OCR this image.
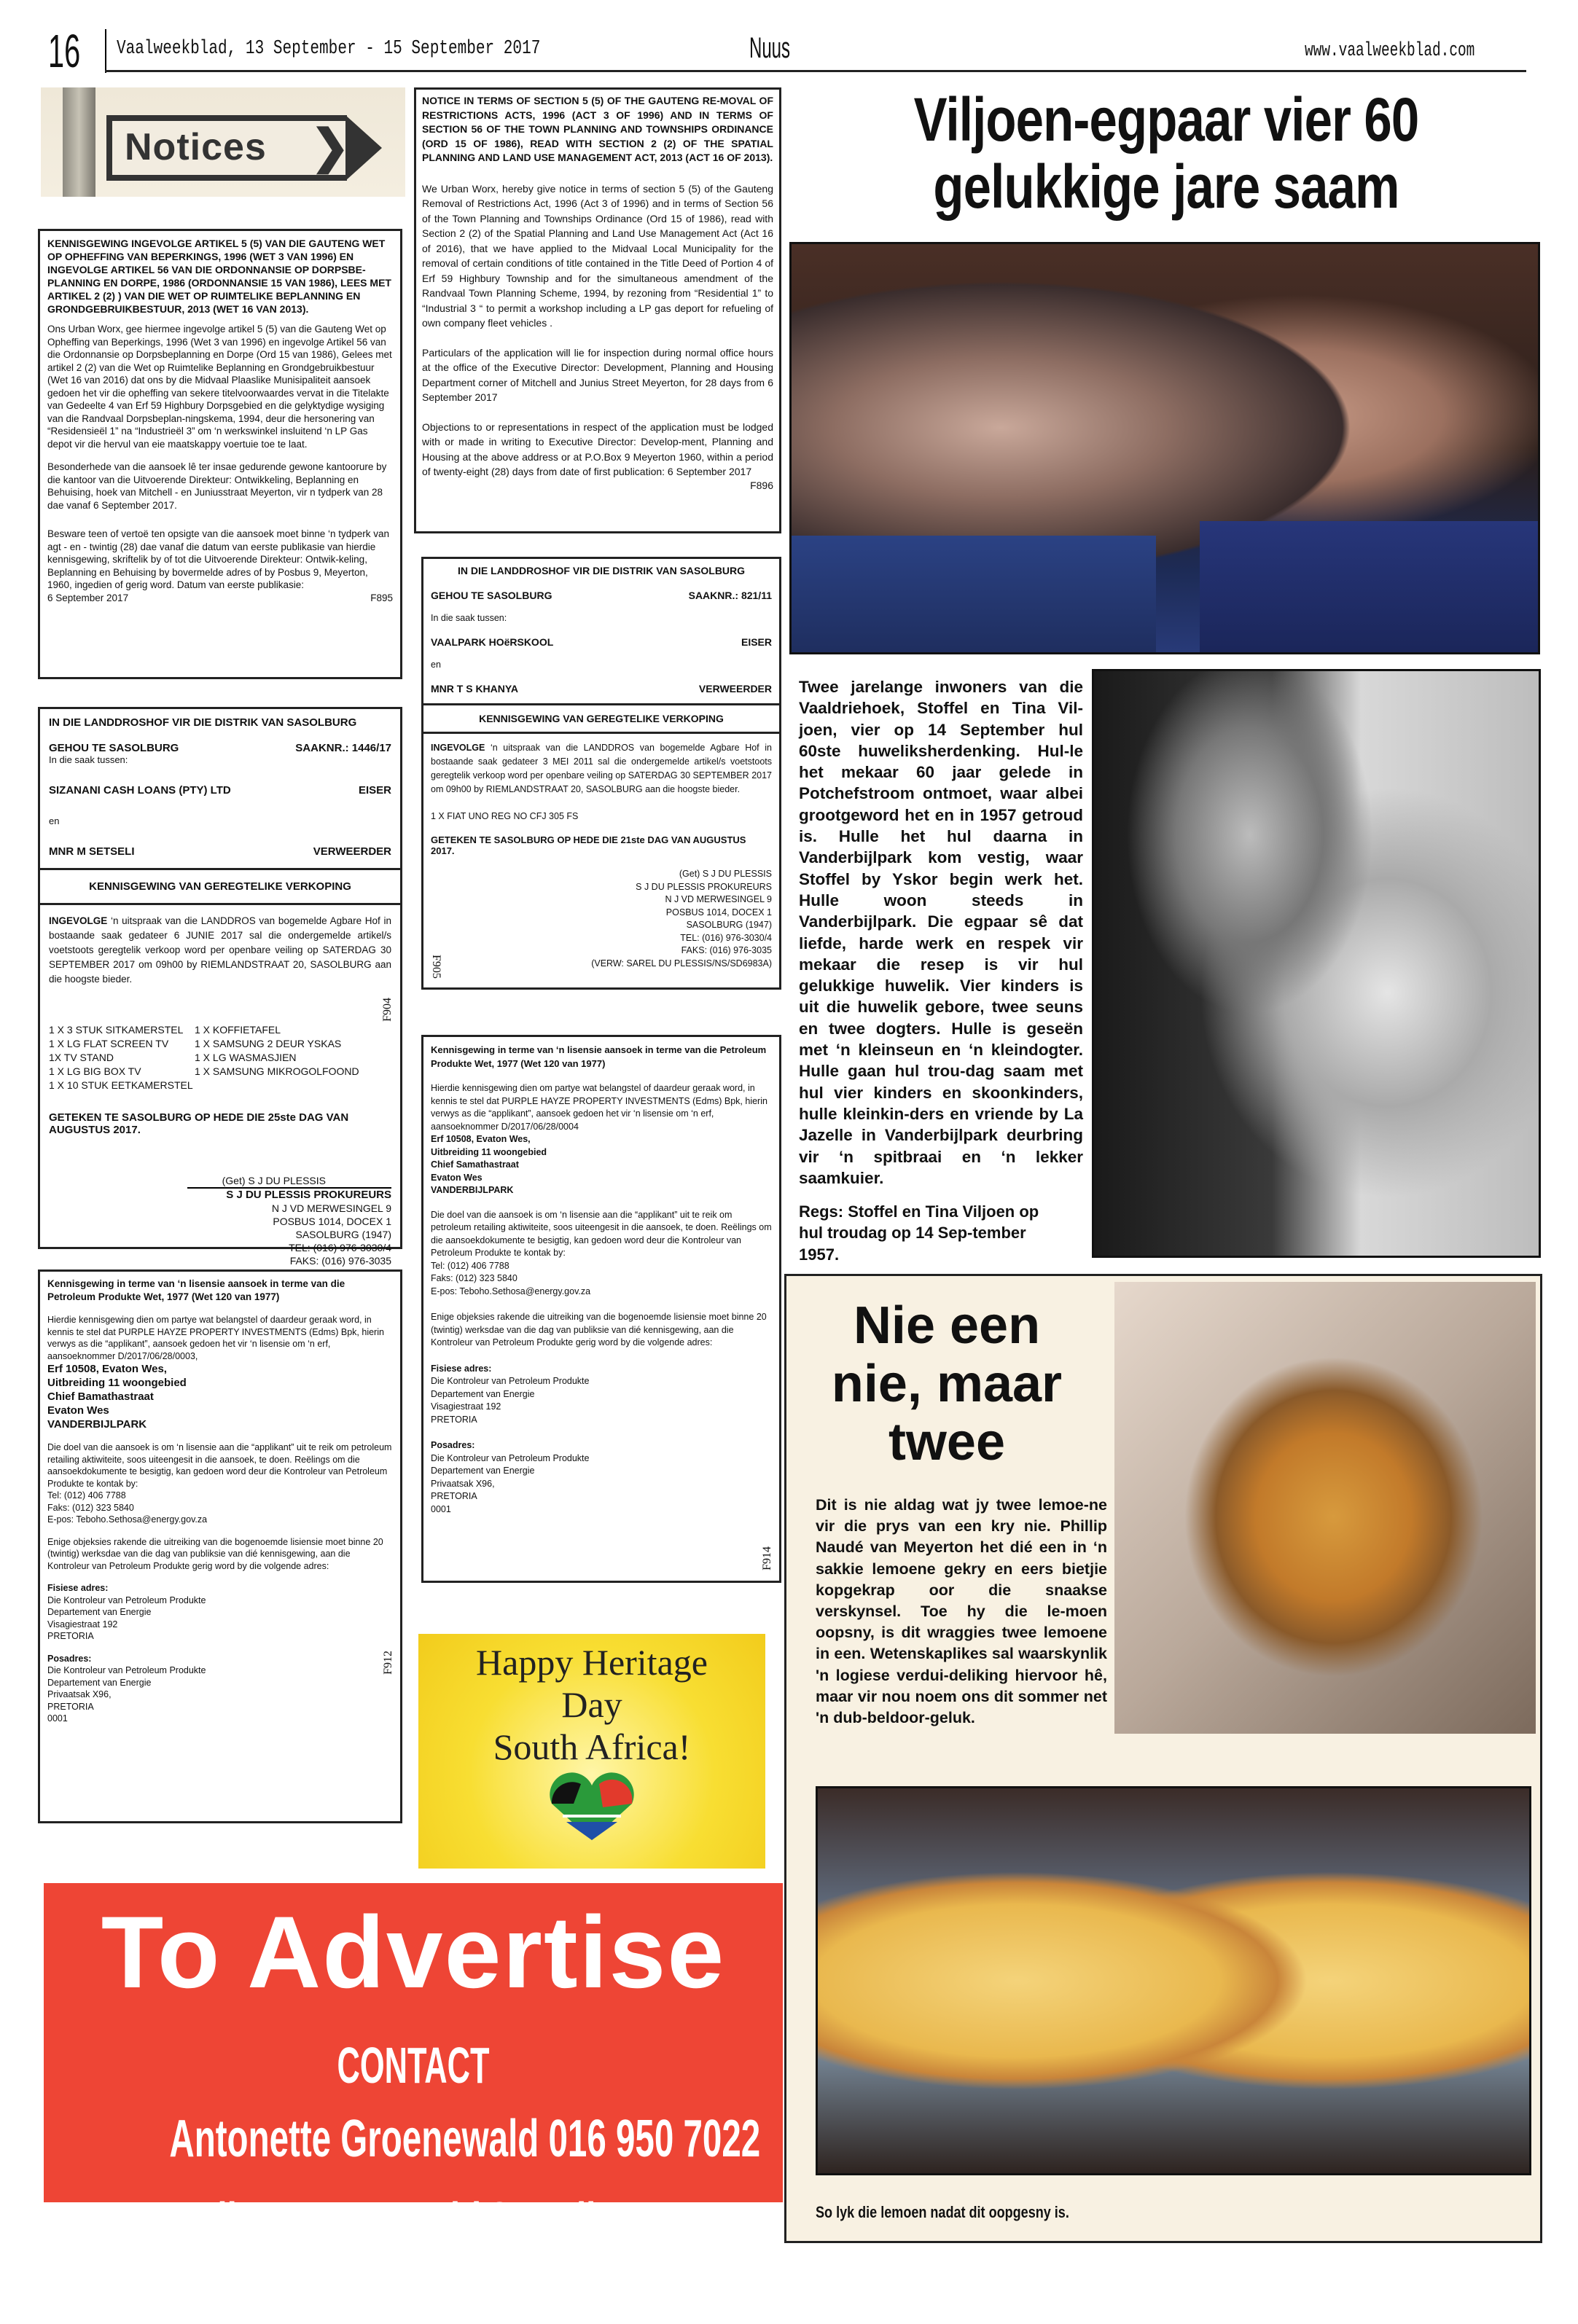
16 Vaalweekblad, 13 September - 15 September 2017	Nuus	www.vaalweekblad.com
Notices ❯

KENNISGEWING INGEVOLGE ARTIKEL 5 (5) VAN DIE GAUTENG WET OP OPHEFFING VAN BEPERKINGS, 1996 (WET 3 VAN 1996) EN INGEVOLGE ARTIKEL 56 VAN DIE ORDONNANSIE OP DORPSBE-PLANNING EN DORPE, 1986 (ORDONNANSIE 15 VAN 1986), LEES MET ARTIKEL 2 (2) ) VAN DIE WET OP RUIMTELIKE BEPLANNING EN GRONDGEBRUIKBESTUUR, 2013 (WET 16 VAN 2013).

Ons Urban Worx, gee hiermee ingevolge artikel 5 (5) van die Gauteng Wet op Opheffing van Beperkings, 1996 (Wet 3 van 1996) en ingevolge Artikel 56 van die Ordonnansie op Dorpsbeplanning en Dorpe (Ord 15 van 1986), Gelees met artikel 2 (2) van die Wet op Ruimtelike Beplanning en Grondgebruikbestuur (Wet 16 van 2016) dat ons by die Midvaal Plaaslike Munisipaliteit aansoek gedoen het vir die opheffing van sekere titelvoorwaardes vervat in die Titelakte van Gedeelte 4 van Erf 59 Highbury Dorpsgebied en die gelyktydige wysiging van die Randvaal Dorpsbeplan-ningskema, 1994, deur die hersonering van “Residensieël 1” na “Industrieël 3” om ‘n werkswinkel insluitend ‘n LP Gas depot vir die hervul van eie maatskappy voertuie toe te laat.

Besonderhede van die aansoek lê ter insae gedurende gewone kantoorure by die kantoor van die Uitvoerende Direkteur: Ontwikkeling, Beplanning en Behuising, hoek van Mitchell - en Juniusstraat Meyerton, vir n tydperk van 28 dae vanaf 6 September 2017.

Besware teen of vertoë ten opsigte van die aansoek moet binne ‘n tydperk van agt - en - twintig (28) dae vanaf die datum van eerste publikasie van hierdie kennisgewing, skriftelik by of tot die Uitvoerende Direkteur: Ontwik-keling, Beplanning en Behuising by bovermelde adres of by Posbus 9, Meyerton, 1960, ingedien of gerig word. Datum van eerste publikasie:

6 September 2017	F895
IN DIE LANDDROSHOF VIR DIE DISTRIK VAN SASOLBURG
GEHOU TE SASOLBURG	SAAKNR.: 1446/17
In die saak tussen:
SIZANANI CASH LOANS (PTY) LTD	EISER
en
MNR M SETSELI	VERWEERDER
KENNISGEWING VAN GEREGTELIKE VERKOPING

INGEVOLGE ‘n uitspraak van die LANDDROS van bogemelde Agbare Hof in bostaande saak gedateer 6 JUNIE 2017 sal die ondergemelde artikel/s voetstoots geregtelik verkoop word per openbare veiling op SATERDAG 30 SEPTEMBER 2017 om 09h00 by RIEMLANDSTRAAT 20, SASOLBURG aan die hoogste bieder.

1 X 3 STUK SITKAMERSTEL	1 X KOFFIETAFEL
1 X LG FLAT SCREEN TV	1 X SAMSUNG 2 DEUR YSKAS
1X TV STAND	1 X LG WASMASJIEN
1 X LG BIG BOX TV	1 X SAMSUNG MIKROGOLFOOND
1 X 10 STUK EETKAMERSTEL
GETEKEN TE SASOLBURG OP HEDE DIE 25ste DAG VAN AUGUSTUS 2017.
(Get) S J DU PLESSIS
S J DU PLESSIS PROKUREURS
N J VD MERWESINGEL 9
POSBUS 1014, DOCEX 1
SASOLBURG (1947)
TEL: (016) 976-3030/4
FAKS: (016) 976-3035
F904

Kennisgewing in terme van ‘n lisensie aansoek in terme van die Petroleum Produkte Wet, 1977 (Wet 120 van 1977)

Hierdie kennisgewing dien om partye wat belangstel of daardeur geraak word, in kennis te stel dat PURPLE HAYZE PROPERTY INVESTMENTS (Edms) Bpk, hierin verwys as die “applikant”, aansoek gedoen het vir ‘n lisensie om ‘n erf, aansoeknommer D/2017/06/28/0003,

Erf 10508, Evaton Wes,
Uitbreiding 11 woongebied
Chief Bamathastraat
Evaton Wes
VANDERBIJLPARK

Die doel van die aansoek is om ‘n lisensie aan die “applikant” uit te reik om petroleum retailing aktiwiteite, soos uiteengesit in die aansoek, te doen. Reëlings om die aansoekdokumente te besigtig, kan gedoen word deur die Kontroleur van Petroleum Produkte te kontak by:

Tel: (012) 406 7788
Faks: (012) 323 5840
E-pos: Teboho.Sethosa@energy.gov.za

Enige objeksies rakende die uitreiking van die bogenoemde lisiensie moet binne 20 (twintig) werksdae van die dag van publiksie van dié kennisgewing, aan die Kontroleur van Petroleum Produkte gerig word by die volgende adres:

Fisiese adres:
Die Kontroleur van Petroleum Produkte
Departement van Energie
Visagiestraat 192
PRETORIA
Posadres:
Die Kontroleur van Petroleum Produkte
Departement van Energie
Privaatsak X96,
PRETORIA
0001
F912

NOTICE IN TERMS OF SECTION 5 (5) OF THE GAUTENG RE-MOVAL OF RESTRICTIONS ACTS, 1996 (ACT 3 OF 1996) AND IN TERMS OF SECTION 56 OF THE TOWN PLANNING AND TOWNSHIPS ORDINANCE (ORD 15 OF 1986), READ WITH SECTION 2 (2) OF THE SPATIAL PLANNING AND LAND USE MANAGEMENT ACT, 2013 (ACT 16 OF 2013).

We Urban Worx, hereby give notice in terms of section 5 (5) of the Gauteng Removal of Restrictions Act, 1996 (Act 3 of 1996) and in terms of Section 56 of the Town Planning and Townships Ordinance (Ord 15 of 1986), read with Section 2 (2) of the Spatial Planning and Land Use Management Act (Act 16 of 2016), that we have applied to the Midvaal Local Municipality for the removal of certain conditions of title contained in the Title Deed of Portion 4 of Erf 59 Highbury Township and for the simultaneous amendment of the Randvaal Town Planning Scheme, 1994, by rezoning from “Residential 1” to “Industrial 3 “ to permit a workshop including a LP gas deport for refueling of own company fleet vehicles .

Particulars of the application will lie for inspection during normal office hours at the office of the Executive Director: Development, Planning and Housing Department corner of Mitchell and Junius Street Meyerton, for 28 days from 6 September 2017

Objections to or representations in respect of the application must be lodged with or made in writing to Executive Director: Develop-ment, Planning and Housing at the above address or at P.O.Box 9 Meyerton 1960, within a period of twenty-eight (28) days from date of first publication: 6 September 2017

F896
IN DIE LANDDROSHOF VIR DIE DISTRIK VAN SASOLBURG
GEHOU TE SASOLBURG	SAAKNR.: 821/11
In die saak tussen:
VAALPARK HOëRSKOOL	EISER
en
MNR T S KHANYA	VERWEERDER
KENNISGEWING VAN GEREGTELIKE VERKOPING

INGEVOLGE ‘n uitspraak van die LANDDROS van bogemelde Agbare Hof in bostaande saak gedateer 3 MEI 2011 sal die ondergemelde artikel/s voetstoots geregtelik verkoop word per openbare veiling op SATERDAG 30 SEPTEMBER 2017 om 09h00 by RIEMLANDSTRAAT 20, SASOLBURG aan die hoogste bieder.

1 X FIAT UNO REG NO CFJ 305 FS
GETEKEN TE SASOLBURG OP HEDE DIE 21ste DAG VAN AUGUSTUS 2017.
(Get) S J DU PLESSIS
S J DU PLESSIS PROKUREURS
N J VD MERWESINGEL 9
POSBUS 1014, DOCEX 1
SASOLBURG (1947)
TEL: (016) 976-3030/4
FAKS: (016) 976-3035
(VERW: SAREL DU PLESSIS/NS/SD6983A)
F905

Kennisgewing in terme van ‘n lisensie aansoek in terme van die Petroleum Produkte Wet, 1977 (Wet 120 van 1977)

Hierdie kennisgewing dien om partye wat belangstel of daardeur geraak word, in kennis te stel dat PURPLE HAYZE PROPERTY INVESTMENTS (Edms) Bpk, hierin verwys as die “applikant”, aansoek gedoen het vir ‘n lisensie om ‘n erf, aansoeknommer D/2017/06/28/0004

Erf 10508, Evaton Wes,
Uitbreiding 11 woongebied
Chief Samathastraat
Evaton Wes
VANDERBIJLPARK

Die doel van die aansoek is om ‘n lisensie aan die “applikant” uit te reik om petroleum retailing aktiwiteite, soos uiteengesit in die aansoek, te doen. Reëlings om die aansoekdokumente te besigtig, kan gedoen word deur die Kontroleur van Petroleum Produkte te kontak by:

Tel: (012) 406 7788
Faks: (012) 323 5840
E-pos: Teboho.Sethosa@energy.gov.za

Enige objeksies rakende die uitreiking van die bogenoemde lisiensie moet binne 20 (twintig) werksdae van die dag van publiksie van dié kennisgewing, aan die Kontroleur van Petroleum Produkte gerig word by die volgende adres:

Fisiese adres:
Die Kontroleur van Petroleum Produkte
Departement van Energie
Visagiestraat 192
PRETORIA
Posadres:
Die Kontroleur van Petroleum Produkte
Departement van Energie
Privaatsak X96,
PRETORIA
0001
F914
Happy Heritage
Day
South Africa!
To Advertise
CONTACT
Antonette Groenewald 016 950 7022
Mail:- agroenewald@media24.com
Viljoen-egpaar vier 60
gelukkige jare saam
Twee jarelange inwoners van die Vaaldriehoek, Stoffel en Tina Vil-joen, vier op 14 September hul 60ste huweliksherdenking. Hul-le het mekaar 60 jaar gelede in Potchefstroom ontmoet, waar albei grootgeword het en in 1957 getroud is. Hulle het hul daarna in Vanderbijlpark kom vestig, waar Stoffel by Yskor begin werk het. Hulle woon steeds in Vanderbijlpark. Die egpaar sê dat liefde, harde werk en respek vir mekaar die resep is vir hul gelukkige huwelik. Vier kinders is uit die huwelik gebore, twee seuns en twee dogters. Hulle is geseën met ‘n kleinseun en ‘n kleindogter. Hulle gaan hul trou-dag saam met hul vier kinders en skoonkinders, hulle kleinkin-ders en vriende by La Jazelle in Vanderbijlpark deurbring vir ‘n spitbraai en ‘n lekker saamkuier.
Regs: Stoffel en Tina Viljoen op hul troudag op 14 Sep-tember 1957.
Nie een nie, maar twee
Dit is nie aldag wat jy twee lemoe-ne vir die prys van een kry nie. Phillip Naudé van Meyerton het dié een in ‘n sakkie lemoene gekry en eers bietjie kopgekrap oor die snaakse verskynsel. Toe hy die le-moen oopsny, is dit wraggies twee lemoene in een. Wetenskaplikes sal waarskynlik 'n logiese verdui-deliking hiervoor hê, maar vir nou noem ons dit sommer net 'n dub-beldoor-geluk.
So lyk die lemoen nadat dit oopgesny is.
